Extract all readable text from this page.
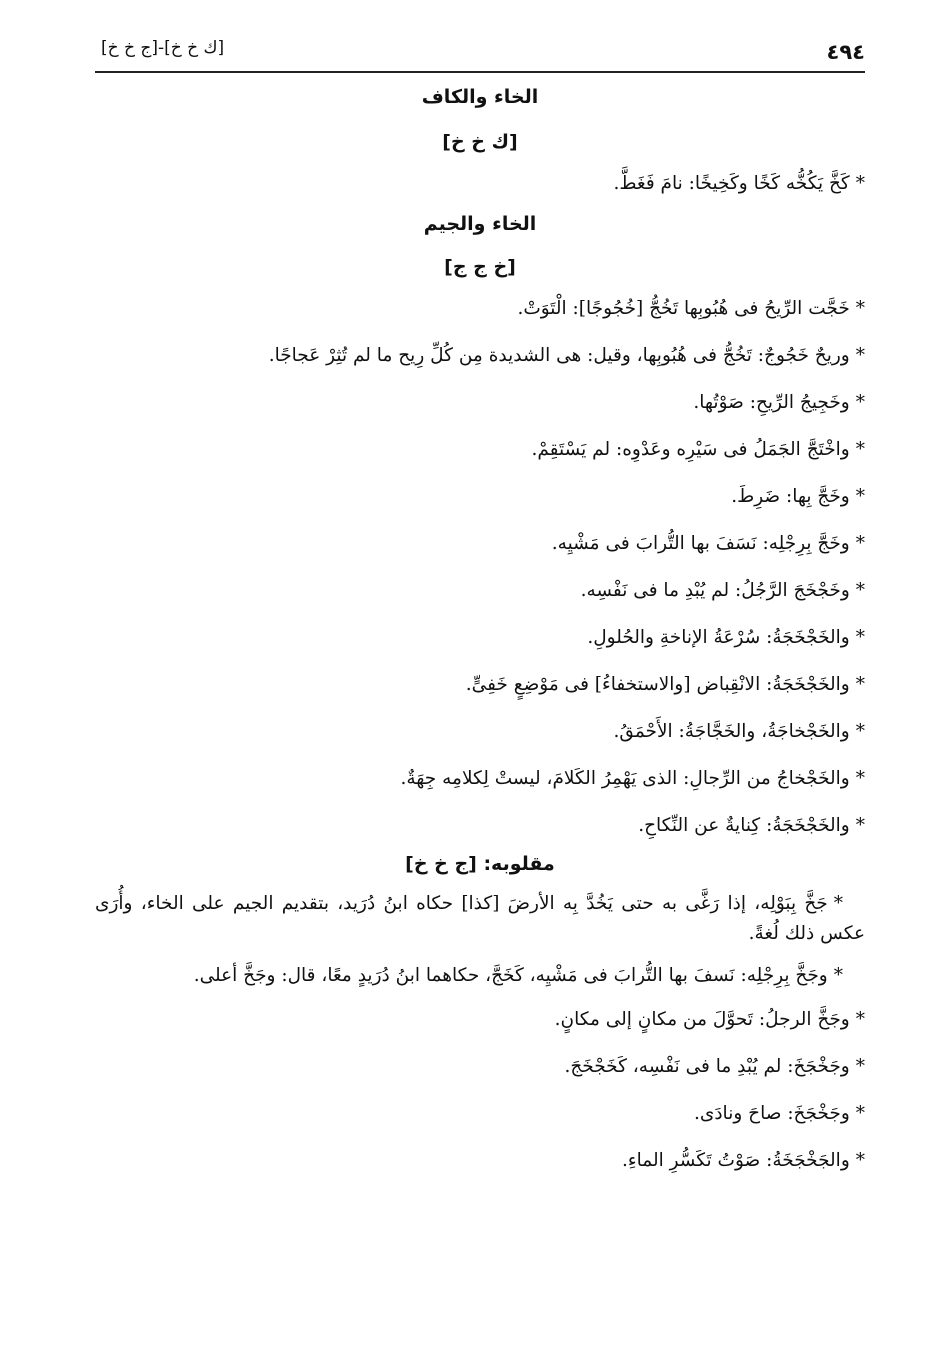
٤٩٤
[ك خ خ]-[ج خ خ]
الخاء والكاف
[ك خ خ]

*كَخَّ يَكُخُّه كَخًا وكَخِيخًا: نامَ فَغَطَّ.

الخاء والجيم
[خ ج ج]

*خَجَّت الرِّيحُ فى هُبُوبِها تَخُجُّ [خُجُوجًا]: الْتَوَتْ.

*وريحٌ خَجُوجٌ: تَخُجُّ فى هُبُوبِها، وقيل: هى الشديدة مِن كُلِّ رِيح ما لم تُثِرْ عَجاجًا.

*وخَجِيجُ الرِّيحِ: صَوْتُها.

*واخْتَجَّ الجَمَلُ فى سَيْرِه وعَدْوِه: لم يَسْتَقِمْ.

*وخَجَّ بِها: ضَرِطَ.

*وخَجَّ بِرِجْلِه: نَسَفَ بها التُّرابَ فى مَشْيِه.

*وخَجْخَجَ الرَّجُلُ: لم يُبْدِ ما فى نَفْسِه.

*والخَجْخَجَةُ: سُرْعَةُ الإناخةِ والحُلولِ.

*والخَجْخَجَةُ: الانْقِباض [والاستخفاءُ] فى مَوْضِعٍ خَفِىٍّ.

*والخَجْخاجَةُ، والخَجَّاجَةُ: الأَحْمَقُ.

*والخَجْخاجُ من الرِّجالِ: الذى يَهْمِرُ الكَلامَ، ليستْ لِكلامِه جِهَةٌ.

*والخَجْخَجَةُ: كِنايةٌ عن النِّكاحِ.

مقلوبه: [ج خ خ]

*جَخَّ بِبَوْلِه، إذا رَغَّى به حتى يَخُدَّ بِه الأرضَ [كذا] حكاه ابنُ دُرَيد، بتقديم الجيم على الخاء، وأُرَى عكس ذلك لُغةً.

*وجَخَّ بِرِجْلِه: نَسفَ بها التُّرابَ فى مَشْيِه، كَخَجَّ، حكاهما ابنُ دُرَيدٍ معًا، قال: وجَخَّ أعلى.

*وجَخَّ الرجلُ: تَحوَّلَ من مكانٍ إلى مكانٍ.

*وجَخْجَخَ: لم يُبْدِ ما فى نَفْسِه، كَخَجْخَجَ.

*وجَخْجَخَ: صاحَ ونادَى.

*والجَخْجَخَةُ: صَوْتُ تَكَسُّرِ الماءِ.
